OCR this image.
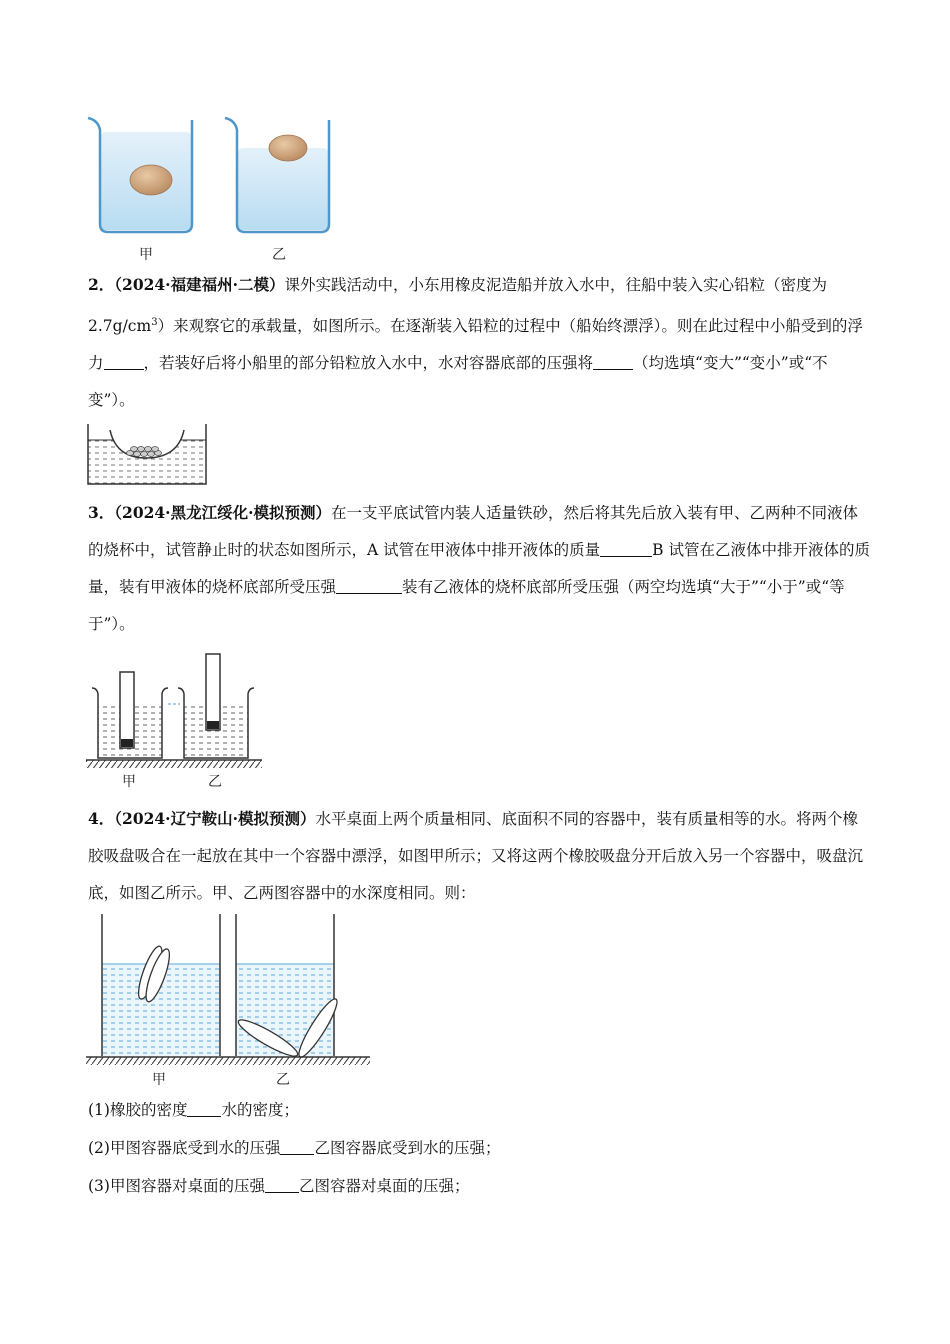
甲	乙
2．（2024·福建福州·二模）课外实践活动中，小东用橡皮泥造船并放入水中，往船中装入实心铅粒（密度为$2.7g/cm^3$）来观察它的承载量，如图所示。在逐渐装入铅粒的过程中（船始终漂浮）。则在此过程中小船受到的浮力	，若装好后将小船里的部分铅粒放入水中，水对容器底部的压强将	（均选填“变大”“变小”或“不变”）。
3．（2024·黑龙江绥化·模拟预测）在一支平底试管内装人适量铁砂，然后将其先后放入装有甲、乙两种不同液体的烧杯中，试管静止时的状态如图所示，A 试管在甲液体中排开液体的质量	B 试管在乙液体中排开液体的质量，装有甲液体的烧杯底部所受压强	装有乙液体的烧杯底部所受压强（两空均选填“大于”“小于”或“等于”）。
甲	乙
4．（2024·辽宁鞍山·模拟预测）水平桌面上两个质量相同、底面积不同的容器中，装有质量相等的水。将两个橡胶吸盘吸合在一起放在其中一个容器中漂浮，如图甲所示；又将这两个橡胶吸盘分开后放入另一个容器中，吸盘沉底，如图乙所示。甲、乙两图容器中的水深度相同。则：
甲	乙
(1)橡胶的密度 水的密度；
(2)甲图容器底受到水的压强 乙图容器底受到水的压强；
(3)甲图容器对桌面的压强 乙图容器对桌面的压强；
